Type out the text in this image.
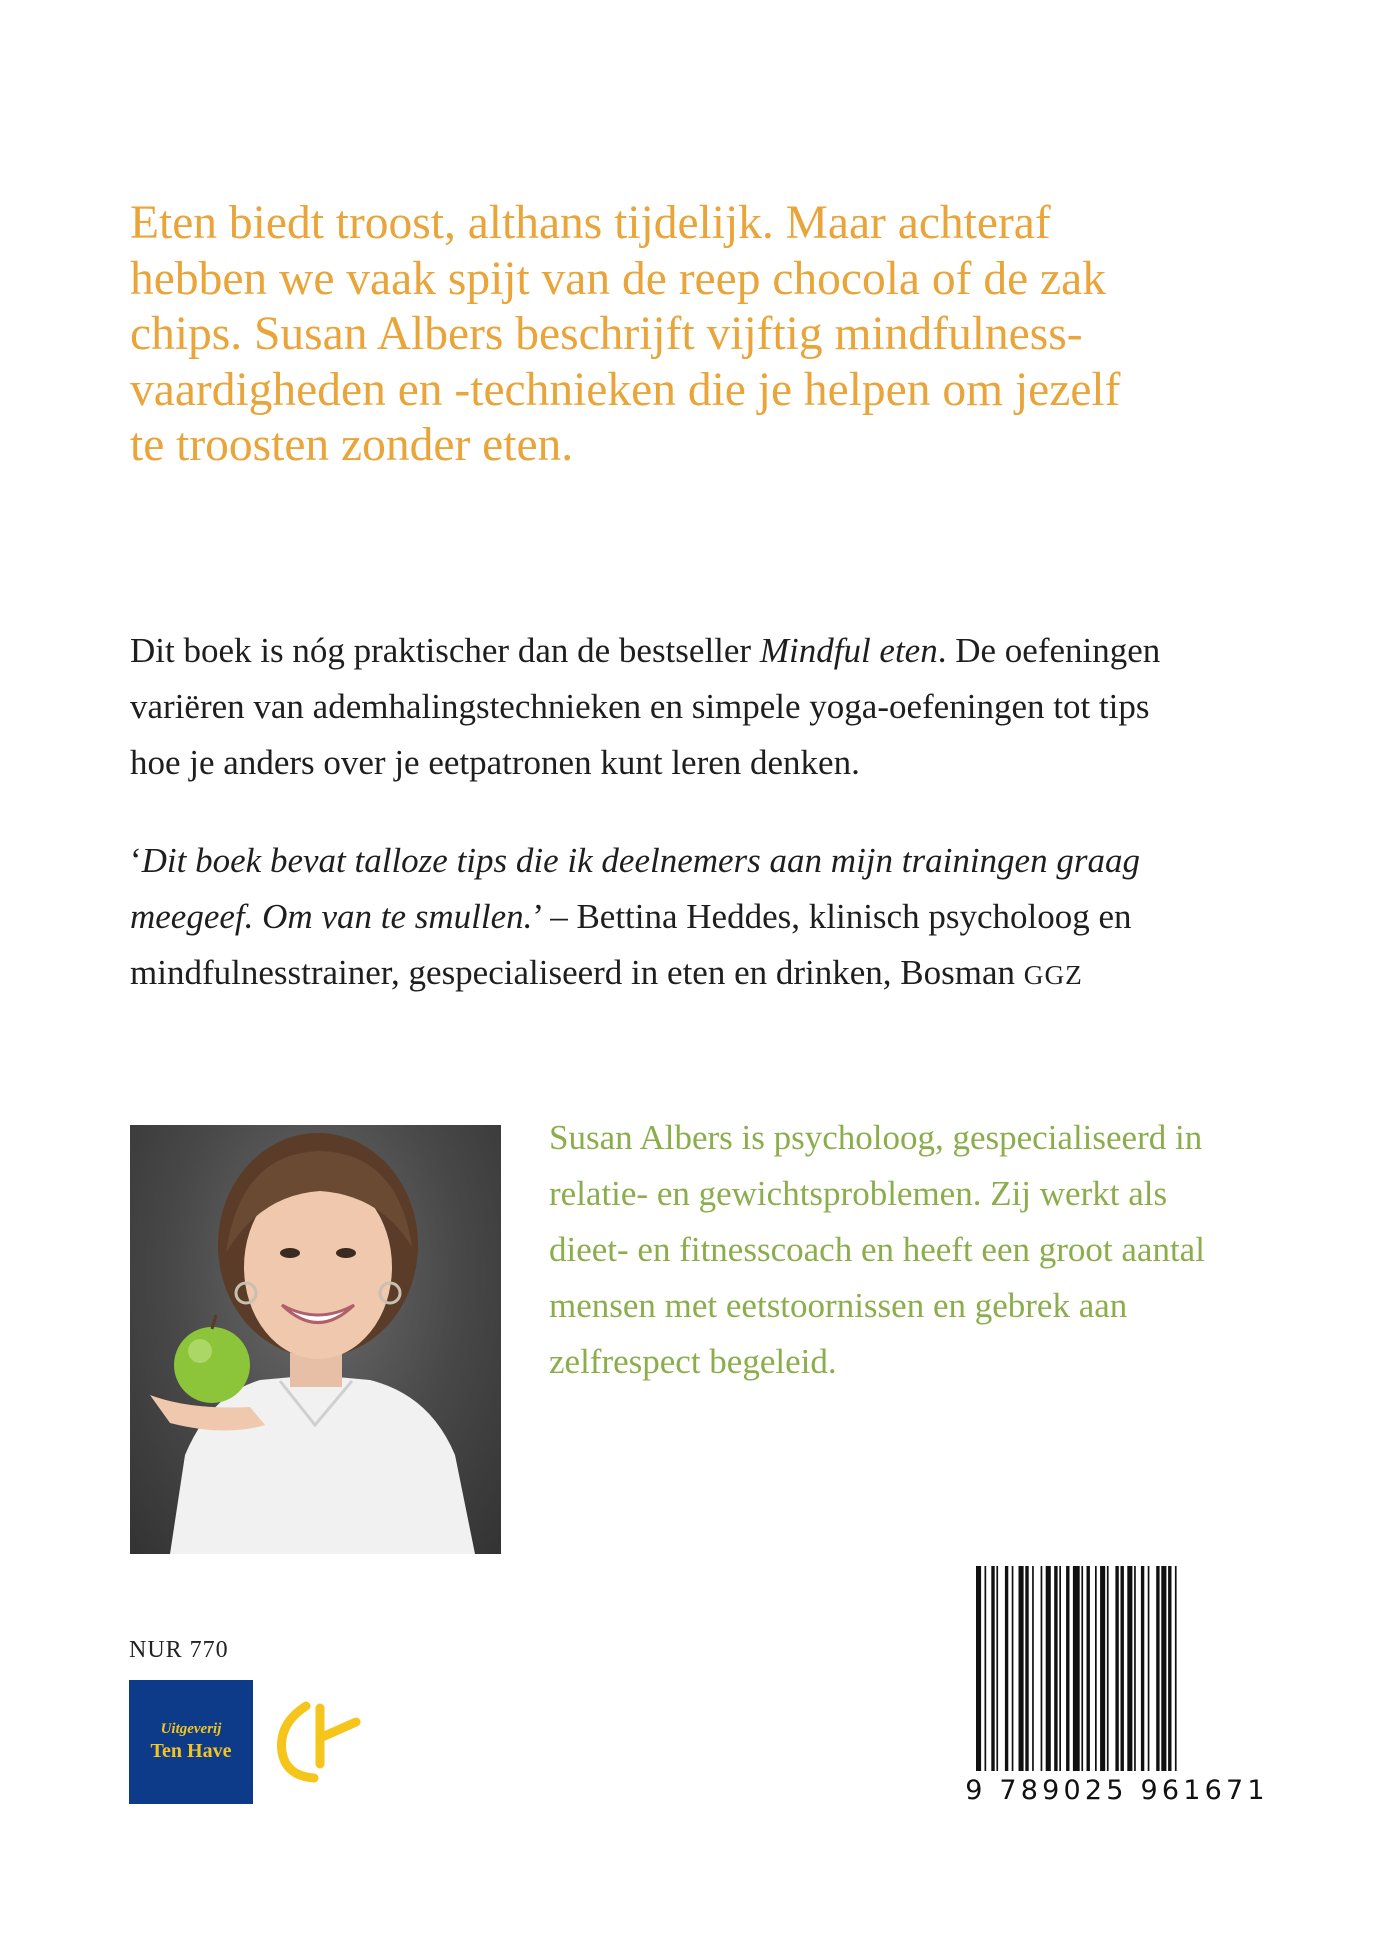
Eten biedt troost, althans tijdelijk. Maar achteraf
hebben we vaak spijt van de reep chocola of de zak
chips. Susan Albers beschrijft vijftig mindfulness-
vaardigheden en -technieken die je helpen om jezelf
te troosten zonder eten.
Dit boek is nóg praktischer dan de bestseller Mindful eten. De oefeningen
variëren van ademhalingstechnieken en simpele yoga-oefeningen tot tips
hoe je anders over je eetpatronen kunt leren denken.
‘Dit boek bevat talloze tips die ik deelnemers aan mijn trainingen graag
meegeef. Om van te smullen.’ – Bettina Heddes, klinisch psycholoog en
mindfulnesstrainer, gespecialiseerd in eten en drinken, Bosman GGZ
Susan Albers is psycholoog, gespecialiseerd in
relatie- en gewichtsproblemen. Zij werkt als
dieet- en fitnesscoach en heeft een groot aantal
mensen met eetstoornissen en gebrek aan
zelfrespect begeleid.
NUR 770
Uitgeverij
Ten Have
9 789025 961671
